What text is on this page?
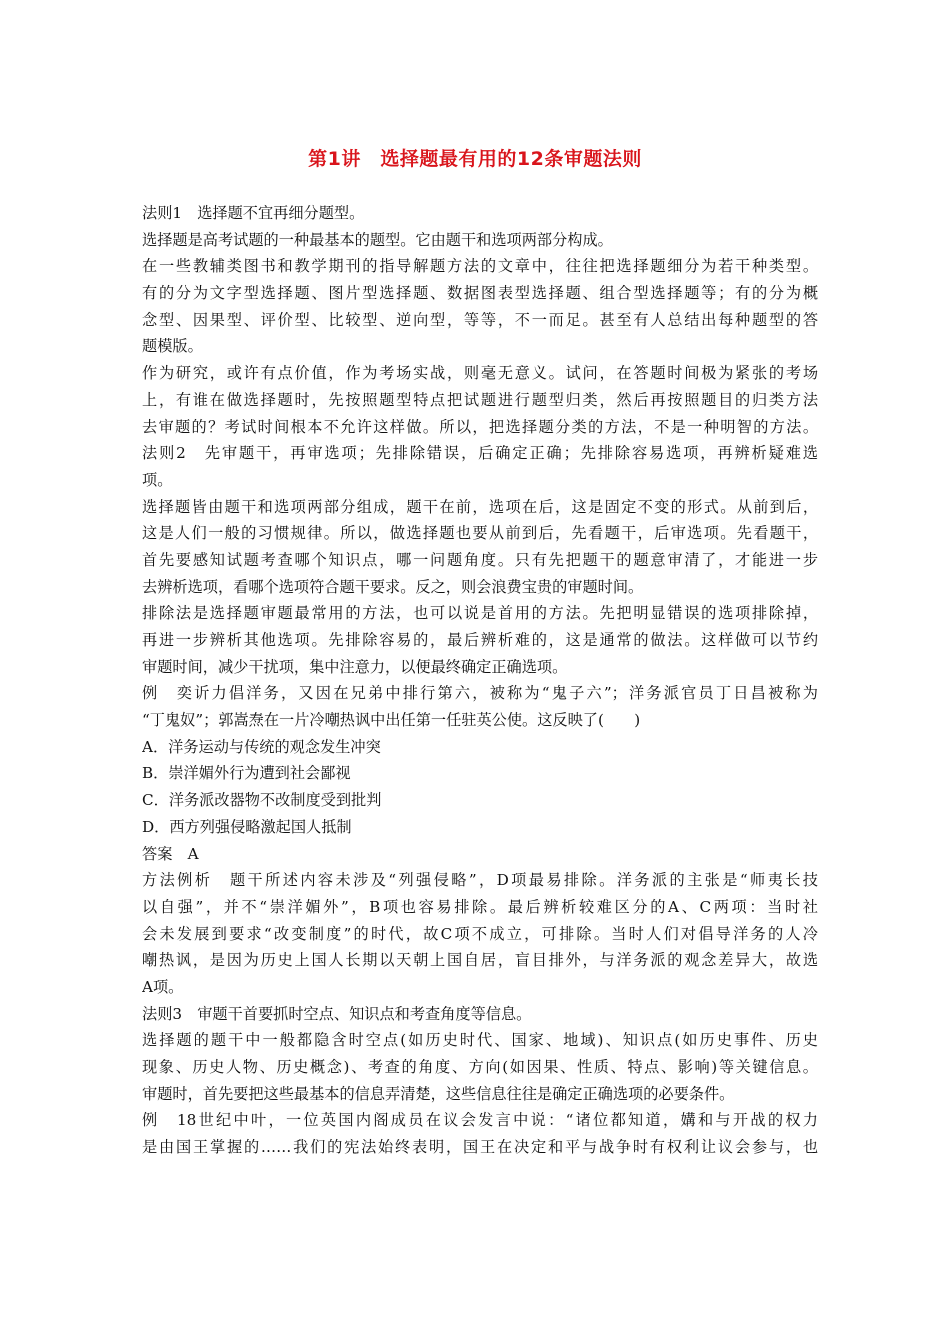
第1讲　选择题最有用的12条审题法则
法则1　选择题不宜再细分题型。
选择题是高考试题的一种最基本的题型。它由题干和选项两部分构成。
在一些教辅类图书和教学期刊的指导解题方法的文章中，往往把选择题细分为若干种类型。
有的分为文字型选择题、图片型选择题、数据图表型选择题、组合型选择题等；有的分为概
念型、因果型、评价型、比较型、逆向型，等等，不一而足。甚至有人总结出每种题型的答
题模版。
作为研究，或许有点价值，作为考场实战，则毫无意义。试问，在答题时间极为紧张的考场
上，有谁在做选择题时，先按照题型特点把试题进行题型归类，然后再按照题目的归类方法
去审题的？考试时间根本不允许这样做。所以，把选择题分类的方法，不是一种明智的方法。
法则2　先审题干，再审选项；先排除错误，后确定正确；先排除容易选项，再辨析疑难选
项。
选择题皆由题干和选项两部分组成，题干在前，选项在后，这是固定不变的形式。从前到后，
这是人们一般的习惯规律。所以，做选择题也要从前到后，先看题干，后审选项。先看题干，
首先要感知试题考查哪个知识点，哪一问题角度。只有先把题干的题意审清了，才能进一步
去辨析选项，看哪个选项符合题干要求。反之，则会浪费宝贵的审题时间。
排除法是选择题审题最常用的方法，也可以说是首用的方法。先把明显错误的选项排除掉，
再进一步辨析其他选项。先排除容易的，最后辨析难的，这是通常的做法。这样做可以节约
审题时间，减少干扰项，集中注意力，以便最终确定正确选项。
例　奕䜣力倡洋务，又因在兄弟中排行第六，被称为“鬼子六”；洋务派官员丁日昌被称为
“丁鬼奴”；郭嵩焘在一片冷嘲热讽中出任第一任驻英公使。这反映了(　　)
A．洋务运动与传统的观念发生冲突
B．崇洋媚外行为遭到社会鄙视
C．洋务派改器物不改制度受到批判
D．西方列强侵略激起国人抵制
答案　A
方法例析　题干所述内容未涉及“列强侵略”，D项最易排除。洋务派的主张是“师夷长技
以自强”，并不“崇洋媚外”，B项也容易排除。最后辨析较难区分的A、C两项：当时社
会未发展到要求“改变制度”的时代，故C项不成立，可排除。当时人们对倡导洋务的人冷
嘲热讽，是因为历史上国人长期以天朝上国自居，盲目排外，与洋务派的观念差异大，故选
A项。
法则3　审题干首要抓时空点、知识点和考查角度等信息。
选择题的题干中一般都隐含时空点(如历史时代、国家、地域)、知识点(如历史事件、历史
现象、历史人物、历史概念)、考查的角度、方向(如因果、性质、特点、影响)等关键信息。
审题时，首先要把这些最基本的信息弄清楚，这些信息往往是确定正确选项的必要条件。
例　18世纪中叶，一位英国内阁成员在议会发言中说：“诸位都知道，媾和与开战的权力
是由国王掌握的……我们的宪法始终表明，国王在决定和平与战争时有权利让议会参与，也
